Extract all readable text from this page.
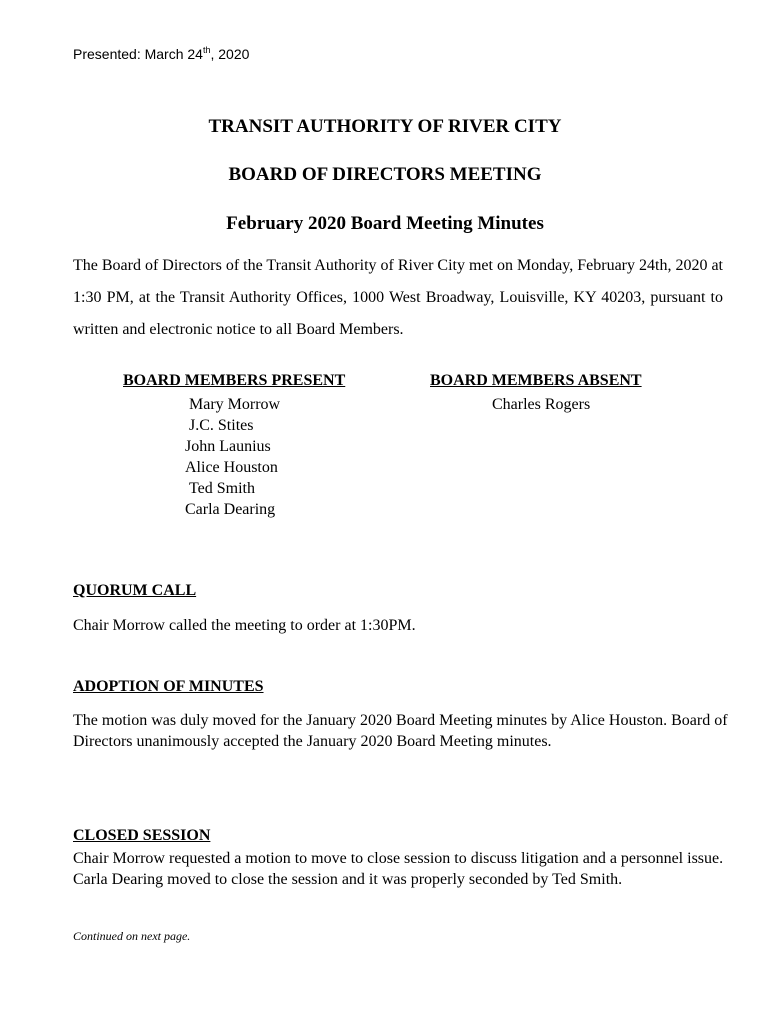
Presented: March 24th, 2020
TRANSIT AUTHORITY OF RIVER CITY
BOARD OF DIRECTORS MEETING
February 2020 Board Meeting Minutes
The Board of Directors of the Transit Authority of River City met on Monday, February 24th, 2020 at 1:30 PM, at the Transit Authority Offices, 1000 West Broadway, Louisville, KY 40203, pursuant to written and electronic notice to all Board Members.
BOARD MEMBERS PRESENT
Mary Morrow
J.C. Stites
John Launius
Alice Houston
Ted Smith
Carla Dearing
BOARD MEMBERS ABSENT
Charles Rogers
QUORUM CALL
Chair Morrow called the meeting to order at 1:30PM.
ADOPTION OF MINUTES
The motion was duly moved for the January 2020 Board Meeting minutes by Alice Houston. Board of Directors unanimously accepted the January 2020 Board Meeting minutes.
CLOSED SESSION
Chair Morrow requested a motion to move to close session to discuss litigation and a personnel issue. Carla Dearing moved to close the session and it was properly seconded by Ted Smith.
Continued on next page.
